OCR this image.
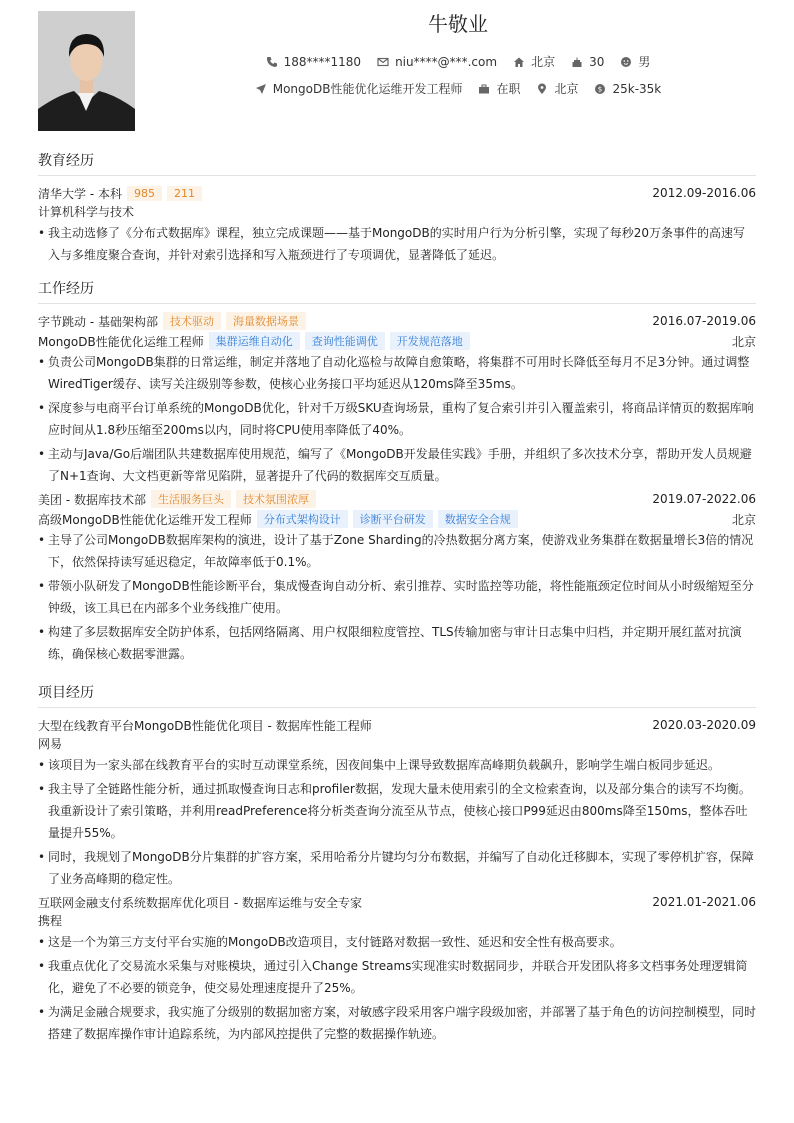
牛敬业
188****1180	niu****@***.com	北京	30	男
MongoDB性能优化运维开发工程师	在职	北京	$ 25k-35k
教育经历
清华大学 - 本科	985	211	2012.09-2016.06
计算机科学与技术
• 我主动选修了《分布式数据库》课程，独立完成课题——基于MongoDB的实时用户行为分析引擎，实现了每秒20万条事件的高速写入与多维度聚合查询，并针对索引选择和写入瓶颈进行了专项调优，显著降低了延迟。
工作经历
字节跳动 - 基础架构部	技术驱动	海量数据场景	2016.07-2019.06
MongoDB性能优化运维工程师	集群运维自动化	查询性能调优	开发规范落地	北京
• 负责公司MongoDB集群的日常运维，制定并落地了自动化巡检与故障自愈策略，将集群不可用时长降低至每月不足3分钟。通过调整WiredTiger缓存、读写关注级别等参数，使核心业务接口平均延迟从120ms降至35ms。
• 深度参与电商平台订单系统的MongoDB优化，针对千万级SKU查询场景，重构了复合索引并引入覆盖索引，将商品详情页的数据库响应时间从1.8秒压缩至200ms以内，同时将CPU使用率降低了40%。
• 主动与Java/Go后端团队共建数据库使用规范，编写了《MongoDB开发最佳实践》手册，并组织了多次技术分享，帮助开发人员规避了N+1查询、大文档更新等常见陷阱，显著提升了代码的数据库交互质量。
美团 - 数据库技术部	生活服务巨头	技术氛围浓厚	2019.07-2022.06
高级MongoDB性能优化运维开发工程师	分布式架构设计	诊断平台研发	数据安全合规	北京
• 主导了公司MongoDB数据库架构的演进，设计了基于Zone Sharding的冷热数据分离方案，使游戏业务集群在数据量增长3倍的情况下，依然保持读写延迟稳定，年故障率低于0.1%。
• 带领小队研发了MongoDB性能诊断平台，集成慢查询自动分析、索引推荐、实时监控等功能，将性能瓶颈定位时间从小时级缩短至分钟级，该工具已在内部多个业务线推广使用。
• 构建了多层数据库安全防护体系，包括网络隔离、用户权限细粒度管控、TLS传输加密与审计日志集中归档，并定期开展红蓝对抗演练，确保核心数据零泄露。
项目经历
大型在线教育平台MongoDB性能优化项目 - 数据库性能工程师	2020.03-2020.09
网易
• 该项目为一家头部在线教育平台的实时互动课堂系统，因夜间集中上课导致数据库高峰期负载飙升，影响学生端白板同步延迟。
• 我主导了全链路性能分析，通过抓取慢查询日志和profiler数据，发现大量未使用索引的全文检索查询，以及部分集合的读写不均衡。我重新设计了索引策略，并利用readPreference将分析类查询分流至从节点，使核心接口P99延迟由800ms降至150ms，整体吞吐量提升55%。
• 同时，我规划了MongoDB分片集群的扩容方案，采用哈希分片键均匀分布数据，并编写了自动化迁移脚本，实现了零停机扩容，保障了业务高峰期的稳定性。
互联网金融支付系统数据库优化项目 - 数据库运维与安全专家	2021.01-2021.06
携程
• 这是一个为第三方支付平台实施的MongoDB改造项目，支付链路对数据一致性、延迟和安全性有极高要求。
• 我重点优化了交易流水采集与对账模块，通过引入Change Streams实现准实时数据同步，并联合开发团队将多文档事务处理逻辑简化，避免了不必要的锁竞争，使交易处理速度提升了25%。
• 为满足金融合规要求，我实施了分级别的数据加密方案，对敏感字段采用客户端字段级加密，并部署了基于角色的访问控制模型，同时搭建了数据库操作审计追踪系统，为内部风控提供了完整的数据操作轨迹。
